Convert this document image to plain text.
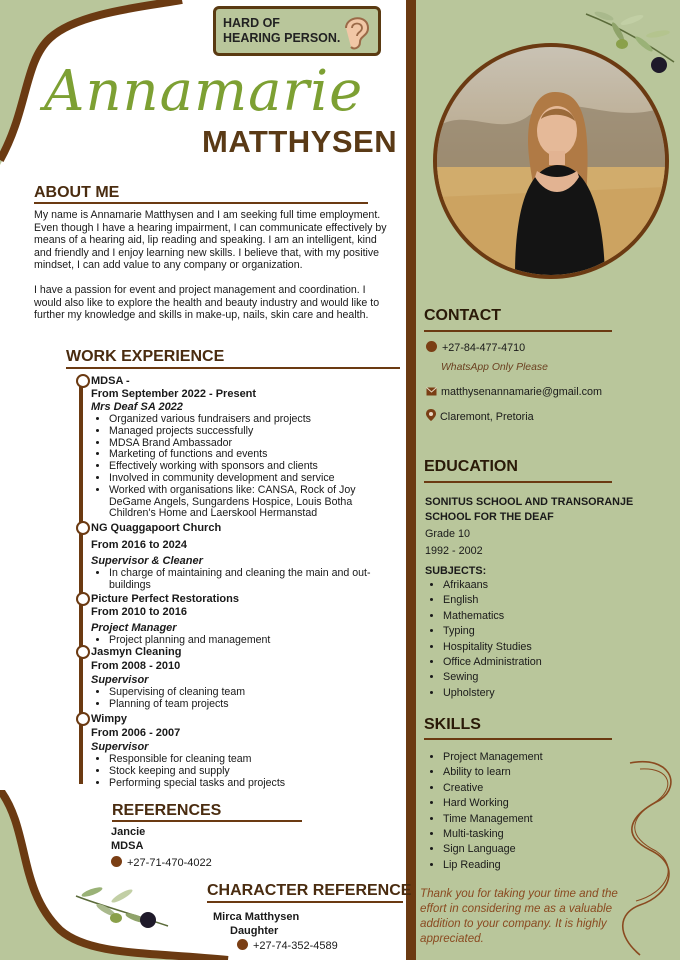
HARD OF HEARING PERSON.
Annamarie
MATTHYSEN
ABOUT ME

My name is Annamarie Matthysen and I am seeking full time employment. Even though I have a hearing impairment, I can communicate effectively by means of a hearing aid, lip reading and speaking. I am an intelligent, kind and friendly and I enjoy learning new skills. I believe that, with my positive mindset, I can add value to any company or organization.

I have a passion for event and project management and coordination. I would also like to explore the health and beauty industry and would like to further my knowledge and skills in make-up, nails, skin care and health.

WORK EXPERIENCE
MDSA -
From September 2022 - Present
Mrs Deaf SA 2022
• Organized various fundraisers and projects
• Managed projects successfully
• MDSA Brand Ambassador
• Marketing of functions and events
• Effectively working with sponsors and clients
• Involved in community development and service
• Worked with organisations like: CANSA, Rock of Joy DeGame Angels, Sungardens Hospice, Louis Botha Children's Home and Laerskool Hermanstad
NG Quaggapoort Church
From 2016 to 2024
Supervisor & Cleaner
• In charge of maintaining and cleaning the main and out-buildings
Picture Perfect Restorations
From 2010 to 2016
Project Manager
• Project planning and management
Jasmyn Cleaning
From 2008 - 2010
Supervisor
• Supervising of cleaning team
• Planning of team projects
Wimpy
From 2006 - 2007
Supervisor
• Responsible for cleaning team
• Stock keeping and supply
• Performing special tasks and projects
REFERENCES
Jancie
MDSA
+27-71-470-4022
CHARACTER REFERENCE
Mirca Matthysen
Daughter
+27-74-352-4589
CONTACT
+27-84-477-4710
WhatsApp Only Please
matthysenannamarie@gmail.com
Claremont, Pretoria
EDUCATION
SONITUS SCHOOL AND TRANSORANJE SCHOOL FOR THE DEAF
Grade 10
1992 - 2002
SUBJECTS:
• Afrikaans
• English
• Mathematics
• Typing
• Hospitality Studies
• Office Administration
• Sewing
• Upholstery
SKILLS
• Project Management
• Ability to learn
• Creative
• Hard Working
• Time Management
• Multi-tasking
• Sign Language
• Lip Reading
Thank you for taking your time and the effort in considering me as a valuable addition to your company. It is highly appreciated.
